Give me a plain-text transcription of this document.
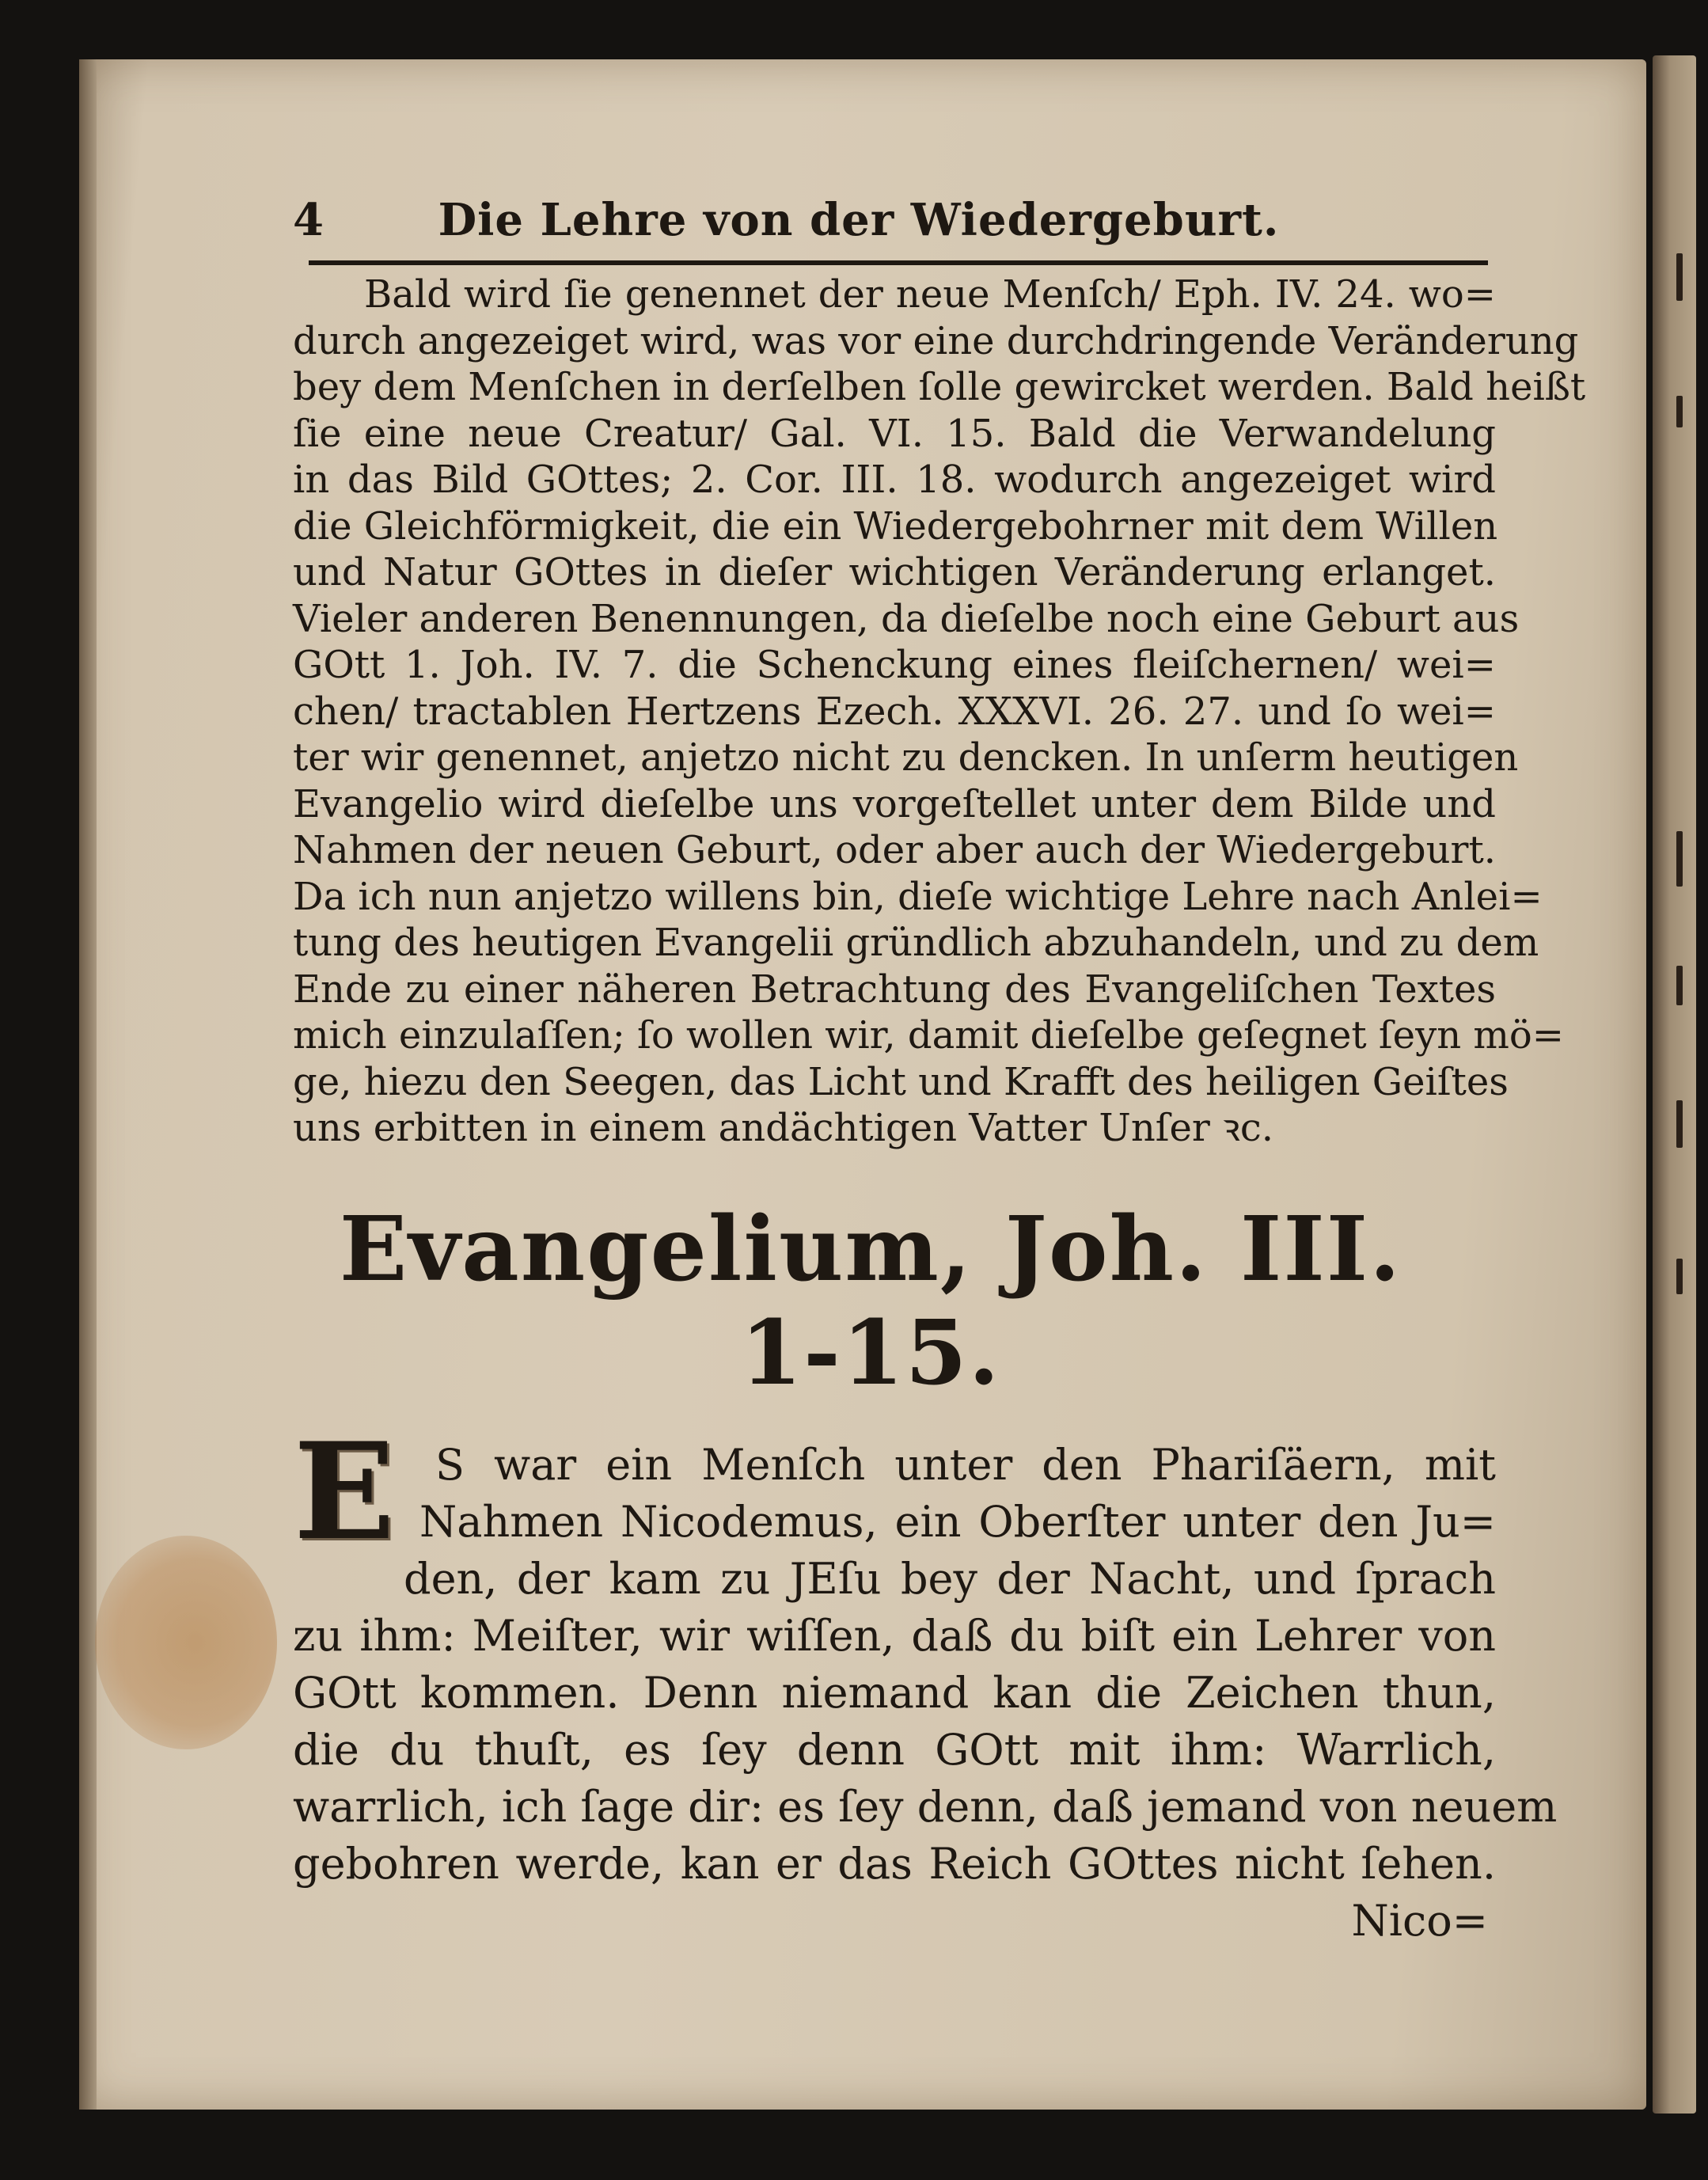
4	Die Lehre von der Wiedergeburt.

Bald wird ſie genennet der neue Menſch/ Eph. IV. 24. wo=

durch angezeiget wird, was vor eine durchdringende Veränderung

bey dem Menſchen in derſelben ſolle gewircket werden. Bald heißt

ſie eine neue Creatur/ Gal. VI. 15. Bald die Verwandelung

in das Bild GOttes; 2. Cor. III. 18. wodurch angezeiget wird

die Gleichförmigkeit, die ein Wiedergebohrner mit dem Willen

und Natur GOttes in dieſer wichtigen Veränderung erlanget.

Vieler anderen Benennungen, da dieſelbe noch eine Geburt aus

GOtt 1. Joh. IV. 7. die Schenckung eines fleiſchernen/ wei=

chen/ tractablen Hertzens Ezech. XXXVI. 26. 27. und ſo wei=

ter wir genennet, anjetzo nicht zu dencken. In unſerm heutigen

Evangelio wird dieſelbe uns vorgeſtellet unter dem Bilde und

Nahmen der neuen Geburt, oder aber auch der Wiedergeburt.

Da ich nun anjetzo willens bin, dieſe wichtige Lehre nach Anlei=

tung des heutigen Evangelii gründlich abzuhandeln, und zu dem

Ende zu einer näheren Betrachtung des Evangeliſchen Textes

mich einzulaſſen; ſo wollen wir, damit dieſelbe geſegnet ſeyn mö=

ge, hiezu den Seegen, das Licht und Krafft des heiligen Geiſtes

uns erbitten in einem andächtigen Vatter Unſer ꝛc.

Evangelium, Joh. III. 1-15.
E S war ein Menſch unter den Phariſäern, mit

Nahmen Nicodemus, ein Oberſter unter den Ju=

den, der kam zu JEſu bey der Nacht, und ſprach

zu ihm: Meiſter, wir wiſſen, daß du biſt ein Lehrer von

GOtt kommen. Denn niemand kan die Zeichen thun,

die du thuſt, es ſey denn GOtt mit ihm: Warrlich,

warrlich, ich ſage dir: es ſey denn, daß jemand von neuem

gebohren werde, kan er das Reich GOttes nicht ſehen.

Nico=
